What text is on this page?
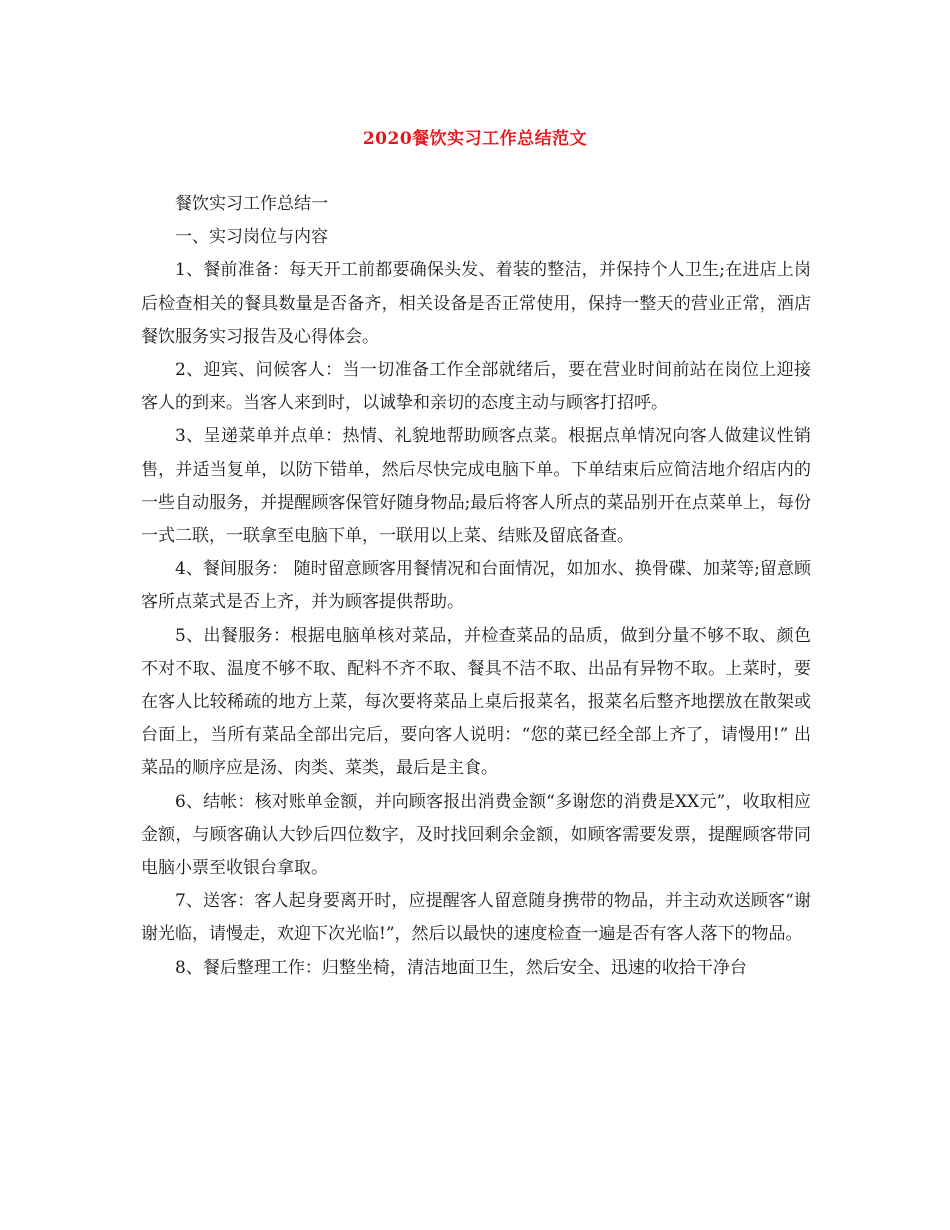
2020餐饮实习工作总结范文

餐饮实习工作总结一

一、实习岗位与内容

1、餐前准备：每天开工前都要确保头发、着装的整洁，并保持个人卫生;在进店上岗后检查相关的餐具数量是否备齐，相关设备是否正常使用，保持一整天的营业正常，酒店餐饮服务实习报告及心得体会。

2、迎宾、问候客人：当一切准备工作全部就绪后，要在营业时间前站在岗位上迎接客人的到来。当客人来到时，以诚挚和亲切的态度主动与顾客打招呼。

3、呈递菜单并点单：热情、礼貌地帮助顾客点菜。根据点单情况向客人做建议性销售，并适当复单，以防下错单，然后尽快完成电脑下单。下单结束后应简洁地介绍店内的一些自动服务，并提醒顾客保管好随身物品;最后将客人所点的菜品别开在点菜单上，每份一式二联，一联拿至电脑下单，一联用以上菜、结账及留底备查。

4、餐间服务： 随时留意顾客用餐情况和台面情况，如加水、换骨碟、加菜等;留意顾客所点菜式是否上齐，并为顾客提供帮助。

5、出餐服务：根据电脑单核对菜品，并检查菜品的品质，做到分量不够不取、颜色不对不取、温度不够不取、配料不齐不取、餐具不洁不取、出品有异物不取。上菜时，要在客人比较稀疏的地方上菜，每次要将菜品上桌后报菜名，报菜名后整齐地摆放在散架或台面上，当所有菜品全部出完后，要向客人说明：“您的菜已经全部上齐了，请慢用!” 出菜品的顺序应是汤、肉类、菜类，最后是主食。

6、结帐：核对账单金额，并向顾客报出消费金额“多谢您的消费是XX元”，收取相应金额，与顾客确认大钞后四位数字，及时找回剩余金额，如顾客需要发票，提醒顾客带同电脑小票至收银台拿取。

7、送客：客人起身要离开时，应提醒客人留意随身携带的物品，并主动欢送顾客“谢谢光临，请慢走，欢迎下次光临!”，然后以最快的速度检查一遍是否有客人落下的物品。

8、餐后整理工作：归整坐椅，清洁地面卫生，然后安全、迅速的收拾干净台
